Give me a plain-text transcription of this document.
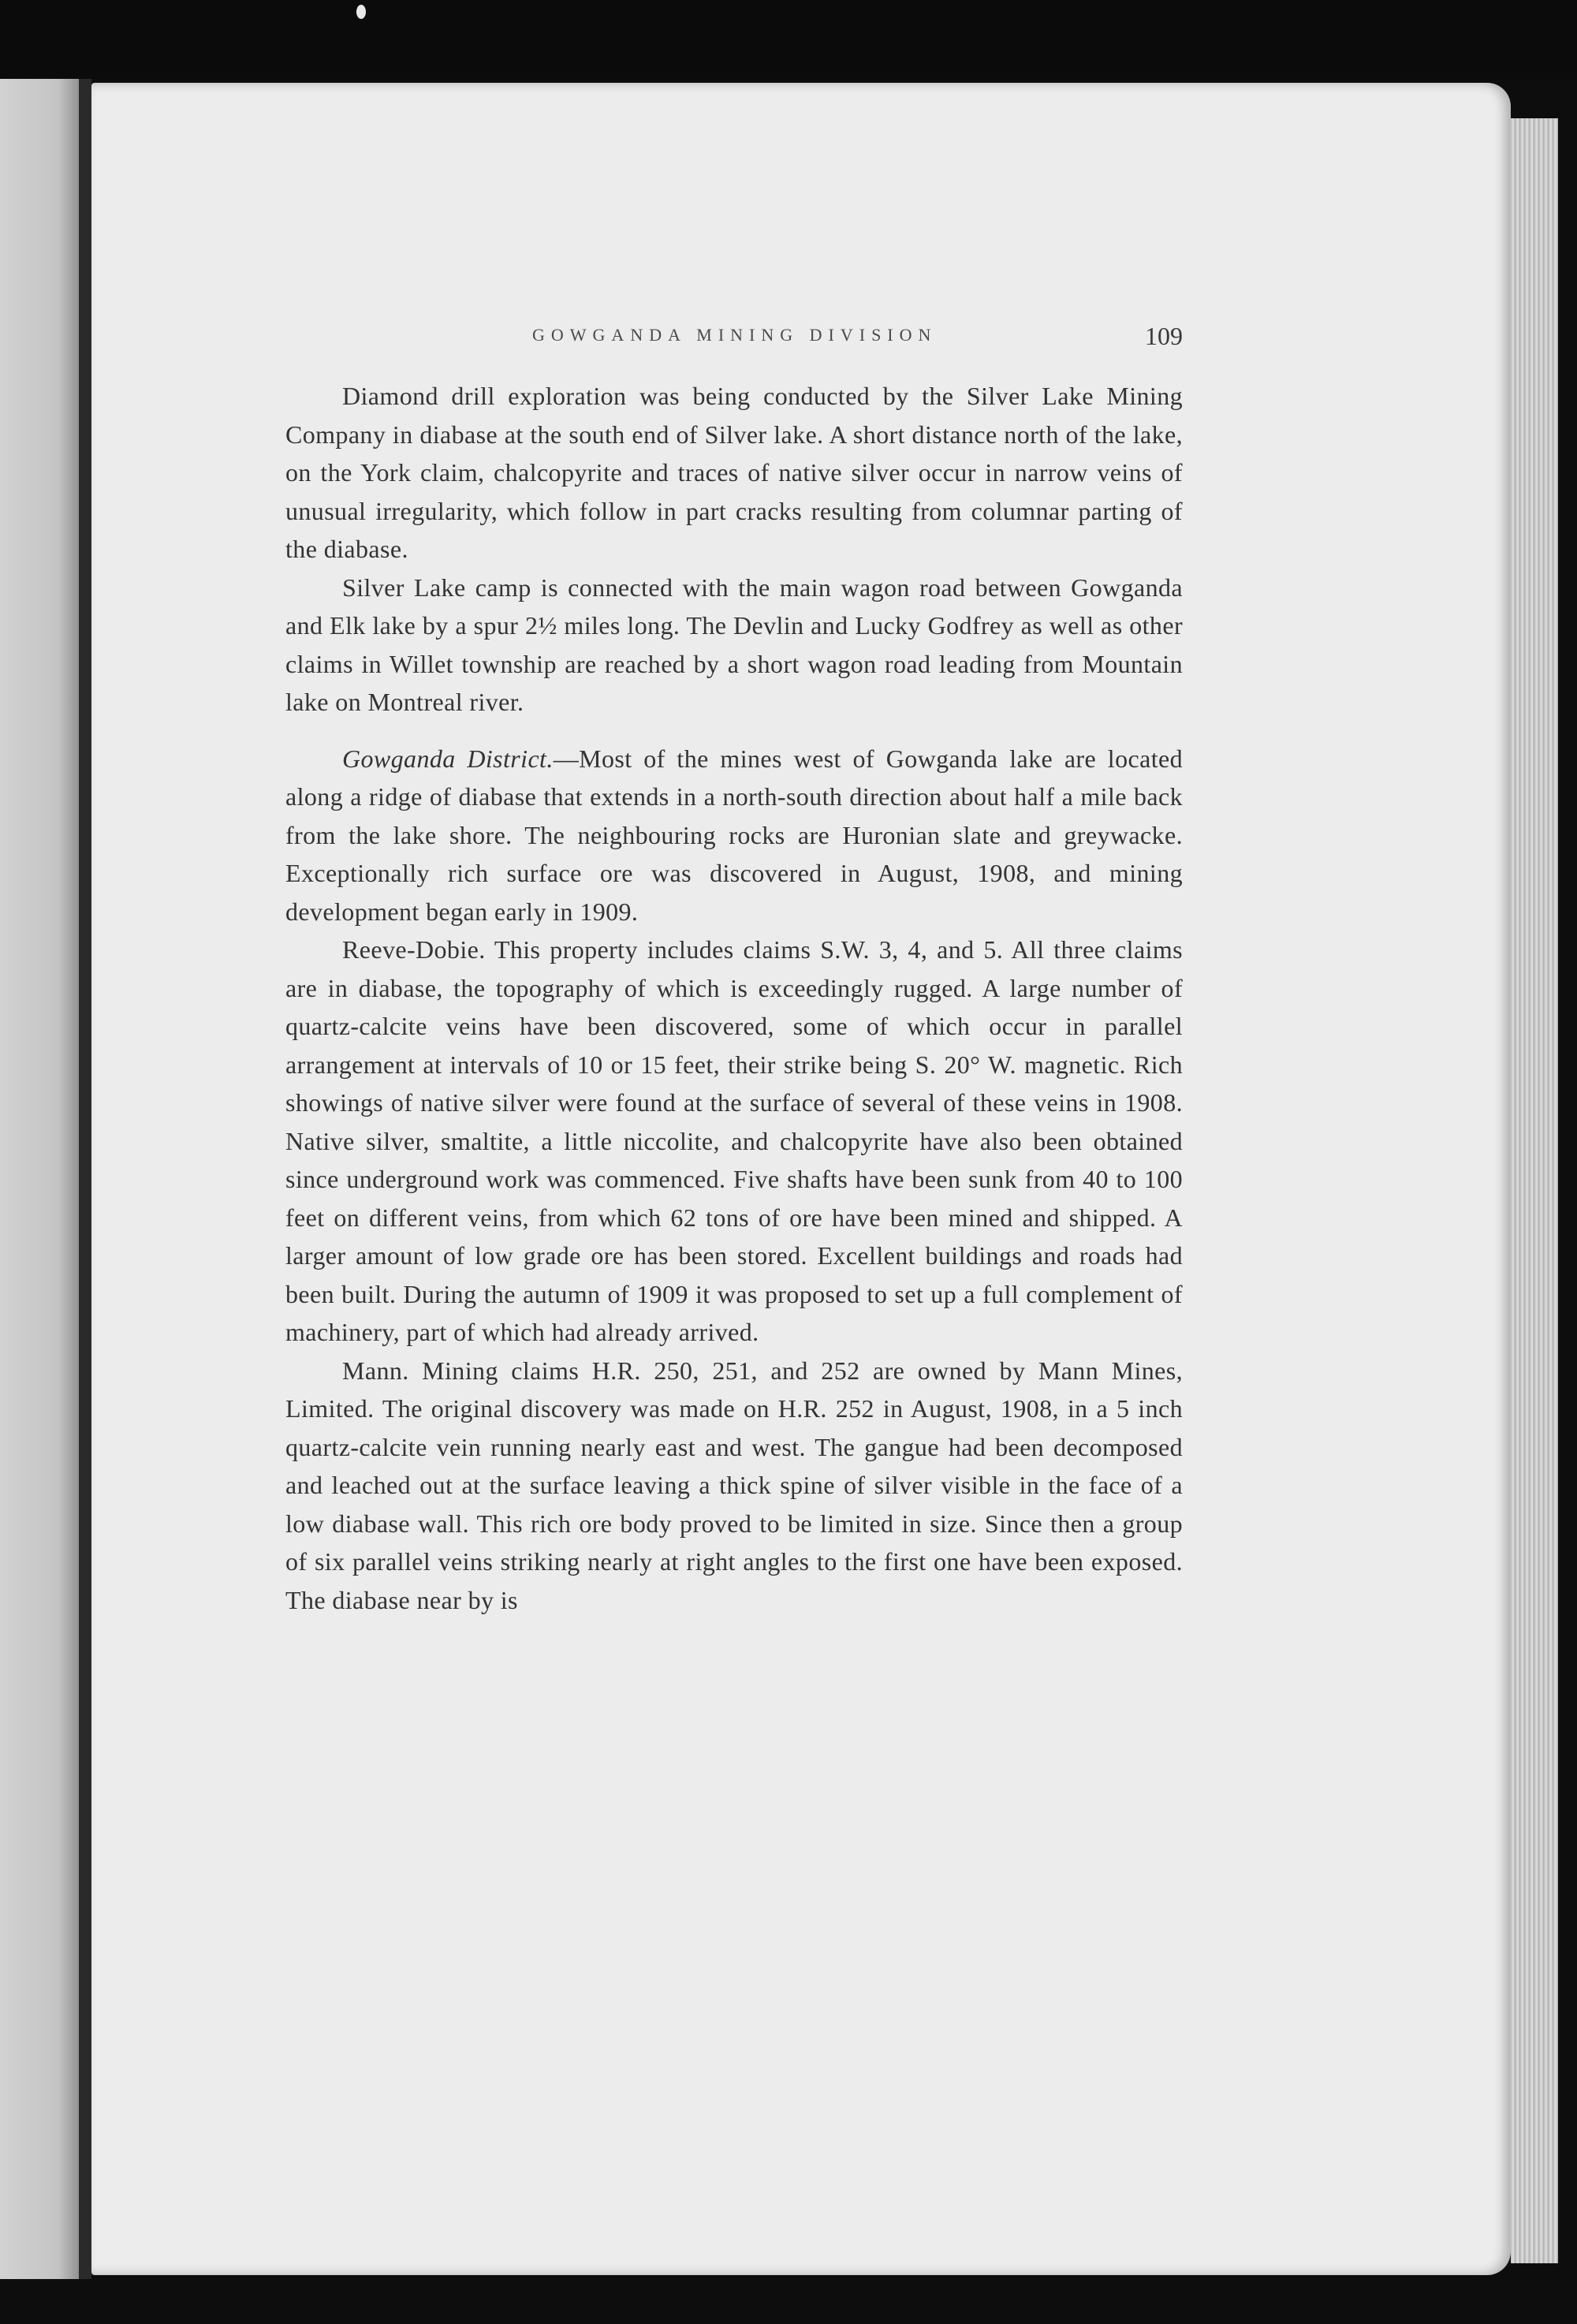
GOWGANDA MINING DIVISION	109

Diamond drill exploration was being conducted by the Silver Lake Mining Company in diabase at the south end of Silver lake. A short distance north of the lake, on the York claim, chalcopyrite and traces of native silver occur in narrow veins of unusual irregularity, which follow in part cracks resulting from columnar parting of the diabase.

Silver Lake camp is connected with the main wagon road between Gowganda and Elk lake by a spur 2½ miles long. The Devlin and Lucky Godfrey as well as other claims in Willet township are reached by a short wagon road leading from Mountain lake on Montreal river.

Gowganda District.—Most of the mines west of Gowganda lake are located along a ridge of diabase that extends in a north-south direction about half a mile back from the lake shore. The neighbouring rocks are Huronian slate and greywacke. Exceptionally rich surface ore was discovered in August, 1908, and mining development began early in 1909.

Reeve-Dobie. This property includes claims S.W. 3, 4, and 5. All three claims are in diabase, the topography of which is exceedingly rugged. A large number of quartz-calcite veins have been discovered, some of which occur in parallel arrangement at intervals of 10 or 15 feet, their strike being S. 20° W. magnetic. Rich showings of native silver were found at the surface of several of these veins in 1908. Native silver, smaltite, a little niccolite, and chalcopyrite have also been obtained since underground work was commenced. Five shafts have been sunk from 40 to 100 feet on different veins, from which 62 tons of ore have been mined and shipped. A larger amount of low grade ore has been stored. Excellent buildings and roads had been built. During the autumn of 1909 it was proposed to set up a full complement of machinery, part of which had already arrived.

Mann. Mining claims H.R. 250, 251, and 252 are owned by Mann Mines, Limited. The original discovery was made on H.R. 252 in August, 1908, in a 5 inch quartz-calcite vein running nearly east and west. The gangue had been decomposed and leached out at the surface leaving a thick spine of silver visible in the face of a low diabase wall. This rich ore body proved to be limited in size. Since then a group of six parallel veins striking nearly at right angles to the first one have been exposed. The diabase near by is
